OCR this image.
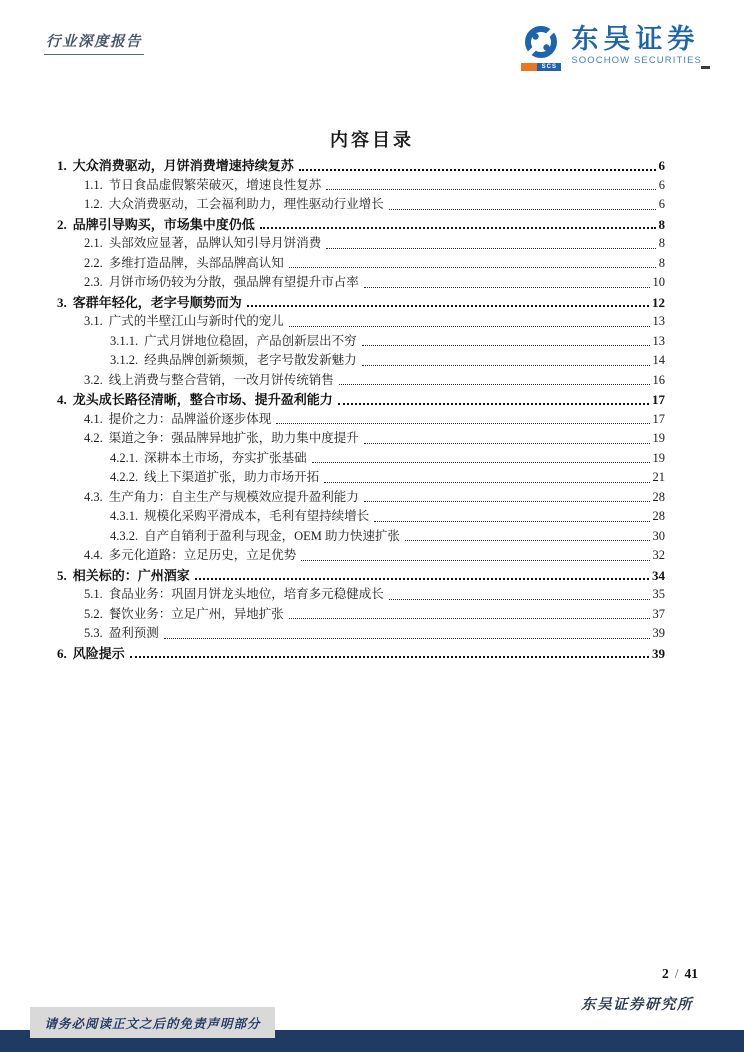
行业深度报告
SCS
东吴证券
SOOCHOW SECURITIES
内容目录
1. 大众消费驱动，月饼消费增速持续复苏	6
1.1. 节日食品虚假繁荣破灭，增速良性复苏	6
1.2. 大众消费驱动，工会福利助力，理性驱动行业增长	6
2. 品牌引导购买，市场集中度仍低	8
2.1. 头部效应显著，品牌认知引导月饼消费	8
2.2. 多维打造品牌，头部品牌高认知	8
2.3. 月饼市场仍较为分散，强品牌有望提升市占率	10
3. 客群年轻化，老字号顺势而为	12
3.1. 广式的半壁江山与新时代的宠儿	13
3.1.1. 广式月饼地位稳固，产品创新层出不穷	13
3.1.2. 经典品牌创新频频，老字号散发新魅力	14
3.2. 线上消费与整合营销，一改月饼传统销售	16
4. 龙头成长路径清晰，整合市场、提升盈利能力	17
4.1. 提价之力：品牌溢价逐步体现	17
4.2. 渠道之争：强品牌异地扩张，助力集中度提升	19
4.2.1. 深耕本土市场，夯实扩张基础	19
4.2.2. 线上下渠道扩张，助力市场开拓	21
4.3. 生产角力：自主生产与规模效应提升盈利能力	28
4.3.1. 规模化采购平滑成本，毛利有望持续增长	28
4.3.2. 自产自销利于盈利与现金，OEM 助力快速扩张	30
4.4. 多元化道路：立足历史，立足优势	32
5. 相关标的：广州酒家	34
5.1. 食品业务：巩固月饼龙头地位，培育多元稳健成长	35
5.2. 餐饮业务：立足广州，异地扩张	37
5.3. 盈利预测	39
6. 风险提示	39
2 / 41
东吴证券研究所
请务必阅读正文之后的免责声明部分
